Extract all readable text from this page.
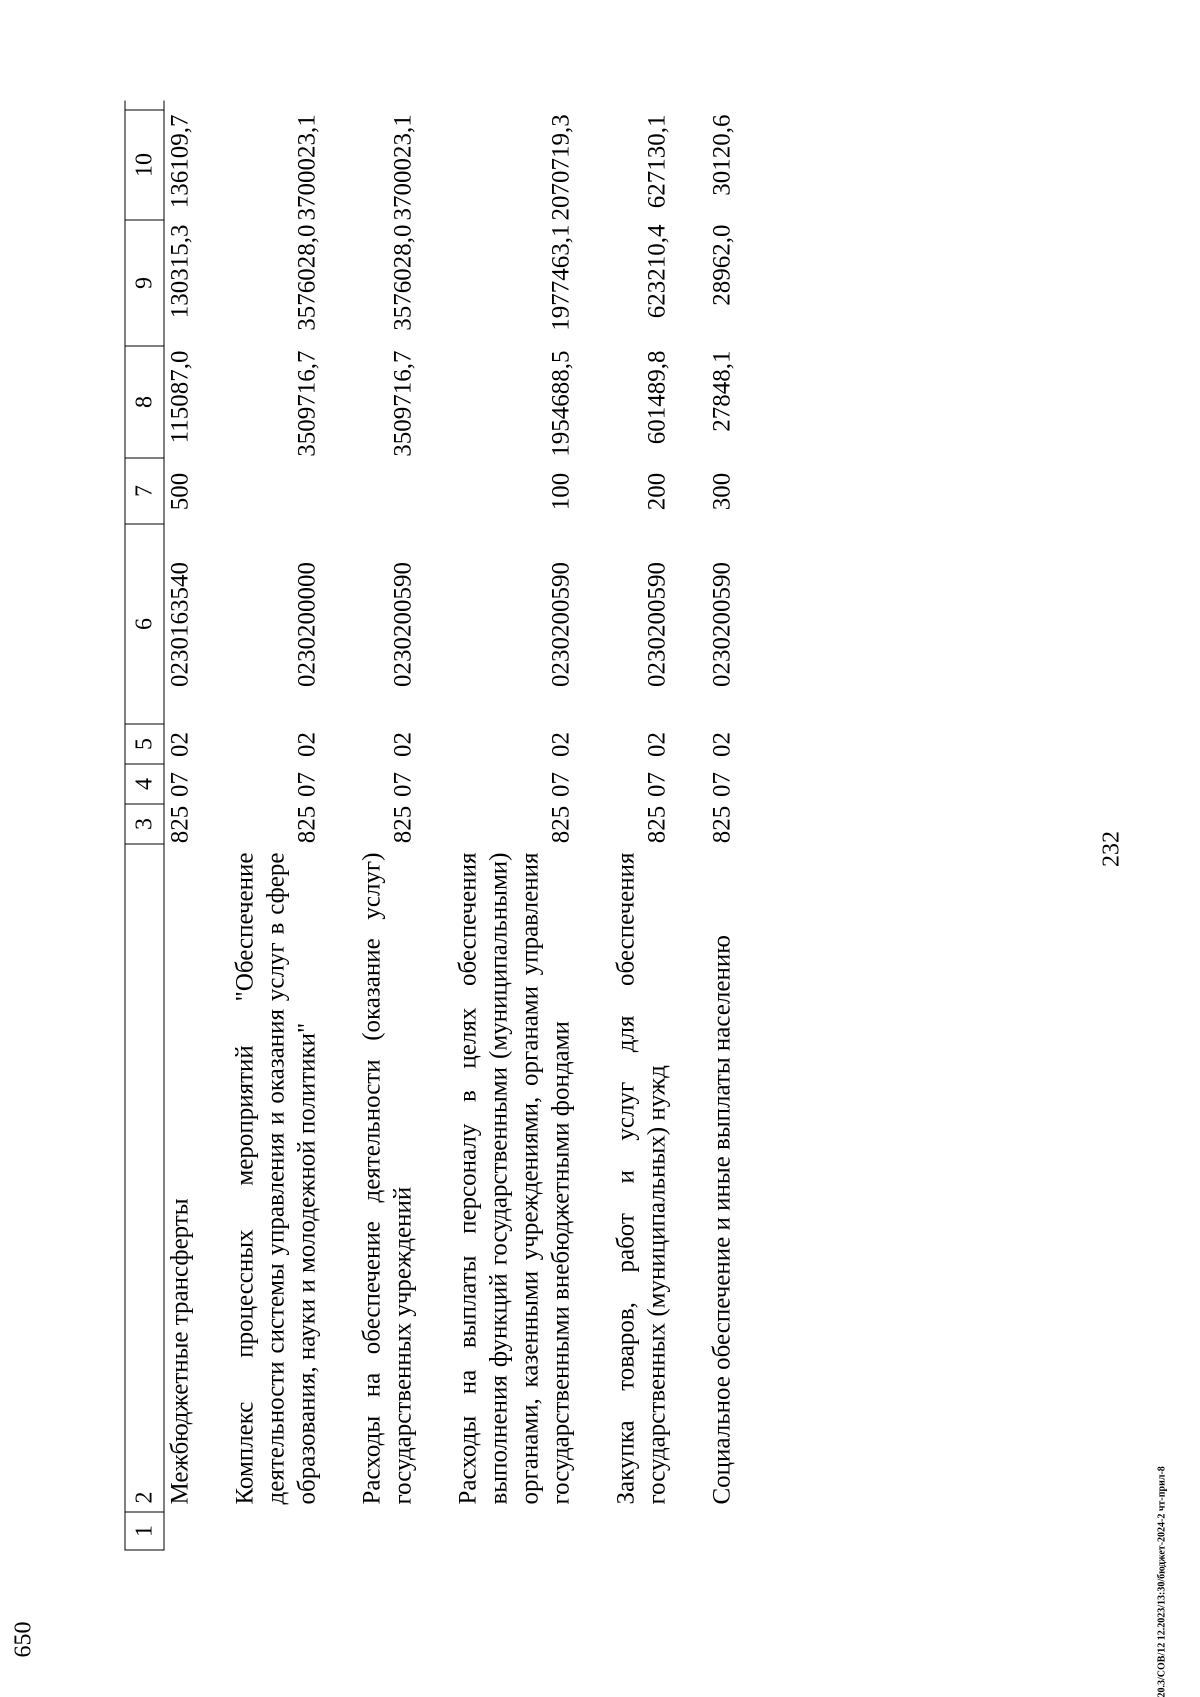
232
1
2
3
4
5
6
7
8
9
10
Межбюджетные трансферты
825
07
02
0230163540
500
115087,0
130315,3
136109,7
Комплекс процессных мероприятий "Обеспечение деятельности системы управления и оказания услуг в сфере образования, науки и молодежной политики"
825
07
02
0230200000
3509716,7
3576028,0
3700023,1
Расходы на обеспечение деятельности (оказание услуг) государственных учреждений
825
07
02
0230200590
3509716,7
3576028,0
3700023,1
Расходы на выплаты персоналу в целях обеспечения выполнения функций государственными (муниципальными) органами, казенными учреждениями, органами управления государственными внебюджетными фондами
825
07
02
0230200590
100
1954688,5
1977463,1
2070719,3
Закупка товаров, работ и услуг для обеспечения государственных (муниципальных) нужд
825
07
02
0230200590
200
601489,8
623210,4
627130,1
Социальное обеспечение и иные выплаты населению
825
07
02
0230200590
300
27848,1
28962,0
30120,6
650	20.3/СОВ/12 12.2023/13:30/бюджет-2024-2 чт-прил-8
